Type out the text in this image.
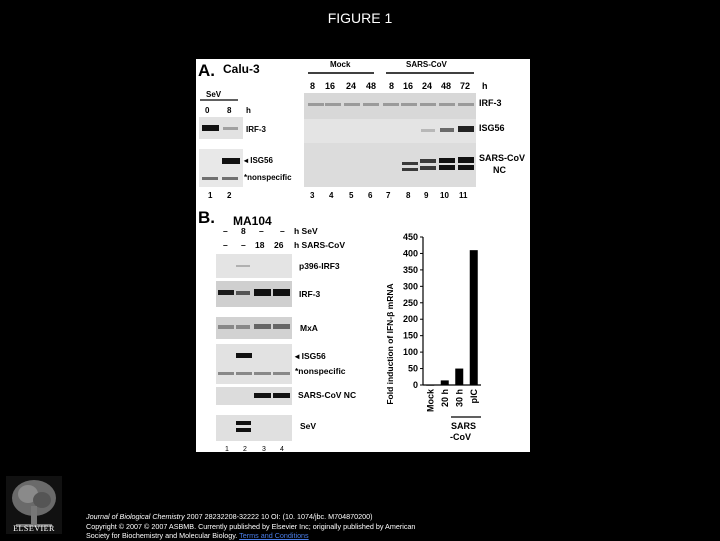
FIGURE 1
A. Calu-3	Mock	SARS-CoV
8 16 24 48 8 16 24 48 72 h
IRF-3
ISG56
SARS-CoV
NC
3 4 5 6 7 8 9 10 11
SeV
0 8 h
IRF-3
◂ ISG56
*nonspecific
1 2
B. MA104
– 8 – – h SeV
– – 18 26 h SARS-CoV
p396-IRF3
IRF-3
MxA
◂ ISG56
*nonspecific
SARS-CoV NC
SeV
1 2 3 4
Fold induction of IFN-β mRNA 0
50
100
150
200
250
300
350
400
450
Mock 20 h 30 h pIC
SARS
-CoV
ELSEVIER
Journal of Biological Chemistry 2007 28232208-32222 10 OI: (10. 1074/jbc. M704870200)
Copyright © 2007 © 2007 ASBMB. Currently published by Elsevier Inc; originally published by American
Society for Biochemistry and Molecular Biology. Terms and Conditions
